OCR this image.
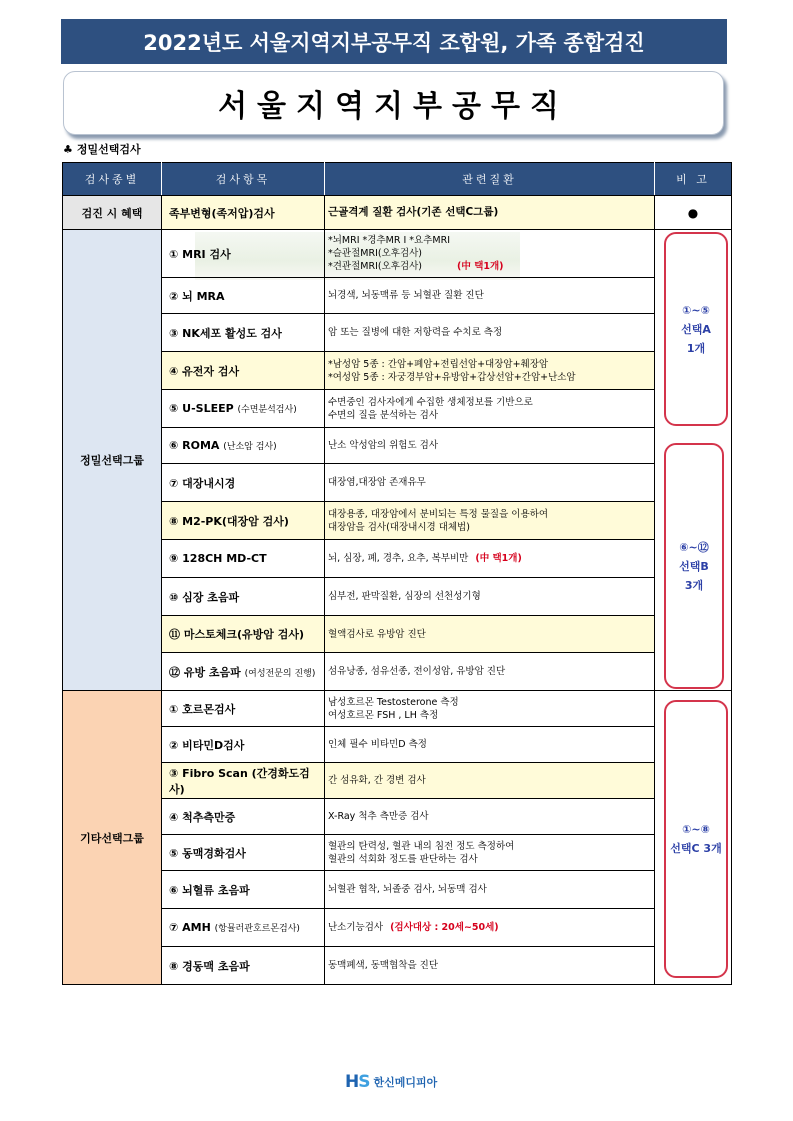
2022년도 서울지역지부공무직 조합원, 가족 종합검진
서울지역지부공무직
♣ 정밀선택검사
검사종별	검사항목	관련질환	비 고
검진 시 혜택	족부변형(족저압)검사	근골격계 질환 검사(기존 선택C그룹)	●
정밀선택그룹	① MRI 검사	*뇌MRI *경추MR I *요추MRI
*슬관절MRI(오후검사)
*견관절MRI(오후검사) (中 택1개)	

	② 뇌 MRA	뇌경색, 뇌동맥류 등 뇌혈관 질환 진단	

	③ NK세포 활성도 검사	암 또는 질병에 대한 저항력을 수치로 측정	

	④ 유전자 검사	*남성암 5종 : 간암+폐암+전립선암+대장암+췌장암
*여성암 5종 : 자궁경부암+유방암+갑상선암+간암+난소암	

	⑤ U-SLEEP (수면분석검사)	수면중인 검사자에게 수집한 생체정보를 기반으로
수면의 질을 분석하는 검사	

	⑥ ROMA (난소암 검사)	난소 악성암의 위험도 검사	

	⑦ 대장내시경	대장염,대장암 존재유무	

	⑧ M2-PK(대장암 검사)	대장용종, 대장암에서 분비되는 특정 물질을 이용하여
대장암을 검사(대장내시경 대체법)	

	⑨ 128CH MD-CT	뇌, 심장, 폐, 경추, 요추, 복부비만 (中 택1개)	

	⑩ 심장 초음파	심부전, 판막질환, 심장의 선천성기형	

	⑪ 마스토체크(유방암 검사)	혈액검사로 유방암 진단	

	⑫ 유방 초음파 (여성전문의 진행)	섬유낭종, 섬유선종, 전이성암, 유방암 진단	

기타선택그룹	① 호르몬검사	남성호르몬 Testosterone 측정
여성호르몬 FSH , LH 측정	

	② 비타민D검사	인체 필수 비타민D 측정	

	③ Fibro Scan (간경화도검사)	간 섬유화, 간 경변 검사	

	④ 척추측만증	X-Ray 척추 측만증 검사	

	⑤ 동맥경화검사	혈관의 탄력성, 혈관 내의 침전 정도 측정하여
혈관의 석회화 정도를 판단하는 검사	

	⑥ 뇌혈류 초음파	뇌혈관 협착, 뇌졸중 검사, 뇌동맥 검사	

	⑦ AMH (항뮬러관호르몬검사)	난소기능검사 (검사대상 : 20세~50세)	

	⑧ 경동맥 초음파	동맥폐색, 동맥협착을 진단	
①~⑤
선택A
1개
⑥~⑫
선택B
3개
①~⑧
선택C 3개
HS 한신메디피아
